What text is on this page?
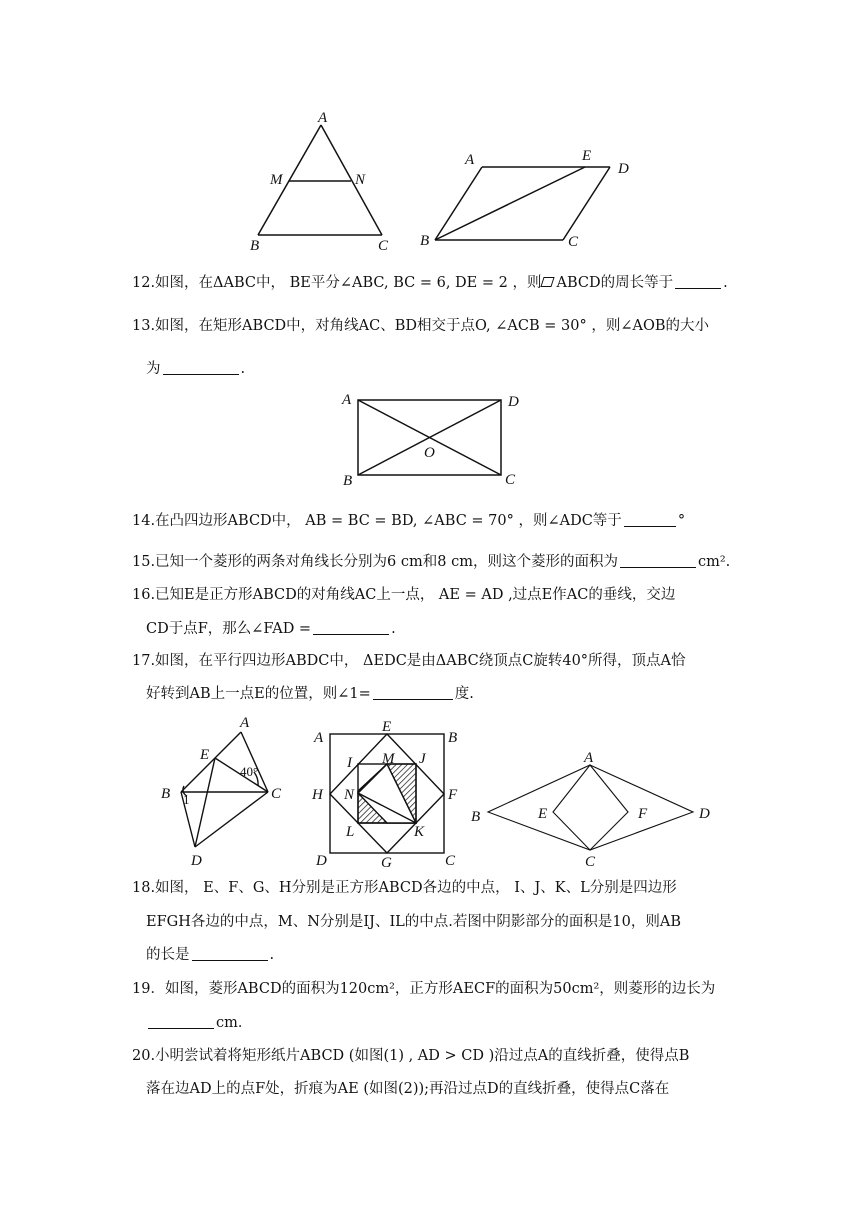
A
M	N
B	C
A	E
D
B	C
12.如图，在ΔABC中， BE平分∠ABC, BC = 6, DE = 2 ，则 ABCD的周长等于	.
13.如图，在矩形ABCD中，对角线AC、BD相交于点O, ∠ACB = 30° ，则∠AOB的大小
为	.
A	D
O
B	C
14.在凸四边形ABCD中， AB = BC = BD, ∠ABC = 70° ，则∠ADC等于	°
15.已知一个菱形的两条对角线长分别为6 cm和8 cm，则这个菱形的面积为	cm².
16.已知E是正方形ABCD的对角线AC上一点， AE = AD ,过点E作AC的垂线，交边
CD于点F，那么∠FAD =	.
17.如图，在平行四边形ABDC中， ΔEDC是由ΔABC绕顶点C旋转40°所得，顶点A恰
好转到AB上一点E的位置，则∠1=	度.
A
E
40°
B 1	C
D
A
E
B
I M J
H N	F
L	K
D	G	C
A
E	F
B	D
C
18.如图， E、F、G、H分别是正方形ABCD各边的中点， I、J、K、L分别是四边形
EFGH各边的中点，M、N分别是IJ、IL的中点.若图中阴影部分的面积是10，则AB
的长是	.
19．如图，菱形ABCD的面积为120cm²，正方形AECF的面积为50cm²，则菱形的边长为
cm．
20.小明尝试着将矩形纸片ABCD (如图(1) , AD > CD )沿过点A的直线折叠，使得点B
落在边AD上的点F处，折痕为AE (如图(2));再沿过点D的直线折叠，使得点C落在
